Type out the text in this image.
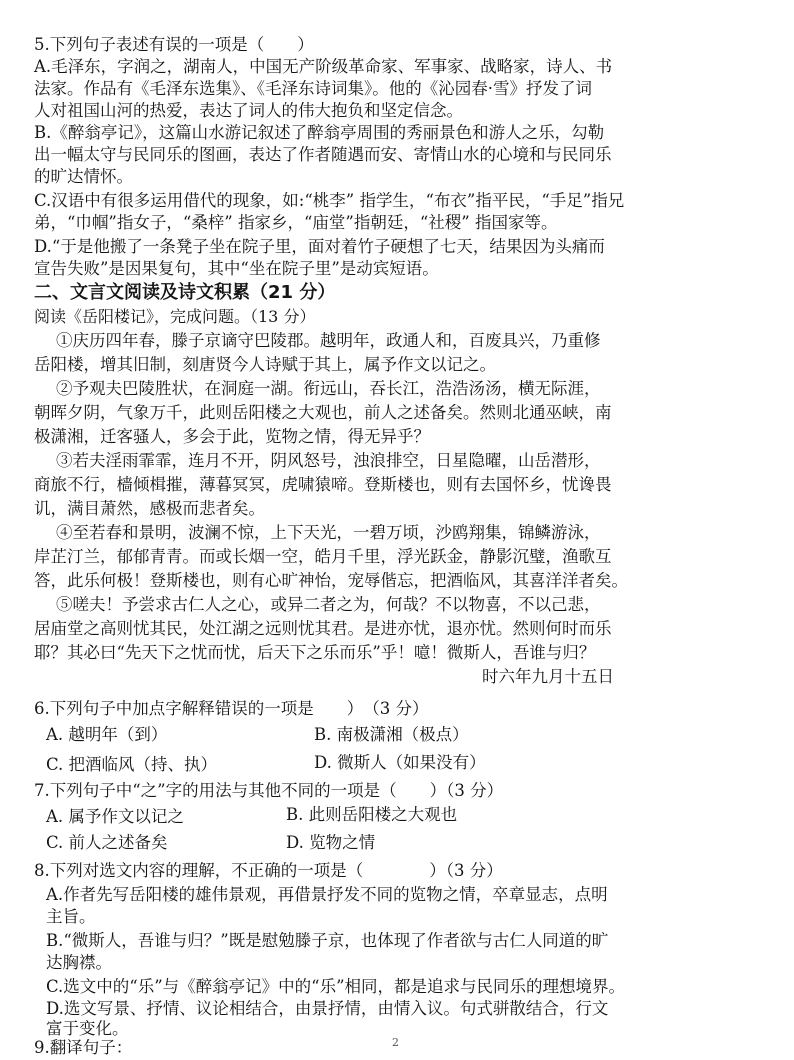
5.下列句子表述有误的一项是（　　）
A.毛泽东，字润之，湖南人，中国无产阶级革命家、军事家、战略家，诗人、书
法家。作品有《毛泽东选集》、《毛泽东诗词集》。他的《沁园春·雪》抒发了词
人对祖国山河的热爱，表达了词人的伟大抱负和坚定信念。
B.《醉翁亭记》，这篇山水游记叙述了醉翁亭周围的秀丽景色和游人之乐，勾勒
出一幅太守与民同乐的图画，表达了作者随遇而安、寄情山水的心境和与民同乐
的旷达情怀。
C.汉语中有很多运用借代的现象，如:“桃李” 指学生，“布衣”指平民，“手足”指兄
弟，“巾帼”指女子，“桑梓” 指家乡，“庙堂”指朝廷，“社稷” 指国家等。
D.“于是他搬了一条凳子坐在院子里，面对着竹子硬想了七天，结果因为头痛而
宣告失败”是因果复句，其中“坐在院子里”是动宾短语。
二、文言文阅读及诗文积累（21 分）
阅读《岳阳楼记》，完成问题。（13 分）
①庆历四年春，滕子京谪守巴陵郡。越明年，政通人和，百废具兴，乃重修
岳阳楼，增其旧制，刻唐贤今人诗赋于其上，属予作文以记之。
②予观夫巴陵胜状，在洞庭一湖。衔远山，吞长江，浩浩汤汤，横无际涯，
朝晖夕阴，气象万千，此则岳阳楼之大观也，前人之述备矣。然则北通巫峡，南
极潇湘，迁客骚人，多会于此，览物之情，得无异乎？
③若夫淫雨霏霏，连月不开，阴风怒号，浊浪排空，日星隐曜，山岳潜形，
商旅不行，樯倾楫摧，薄暮冥冥，虎啸猿啼。登斯楼也，则有去国怀乡，忧谗畏
讥，满目萧然，感极而悲者矣。
④至若春和景明，波澜不惊，上下天光，一碧万顷，沙鸥翔集，锦鳞游泳，
岸芷汀兰，郁郁青青。而或长烟一空，皓月千里，浮光跃金，静影沉璧，渔歌互
答，此乐何极！登斯楼也，则有心旷神怡，宠辱偕忘，把酒临风，其喜洋洋者矣。
⑤嗟夫！予尝求古仁人之心，或异二者之为，何哉？不以物喜，不以己悲，
居庙堂之高则忧其民，处江湖之远则忧其君。是进亦忧，退亦忧。然则何时而乐
耶？其必曰“先天下之忧而忧，后天下之乐而乐”乎！噫！微斯人，吾谁与归？
时六年九月十五日
6.下列句子中加点字解释错误的一项是　　）　（3 分）
A. 越明年（到）	B. 南极潇湘（极点）
C. 把酒临风（持、执）	D. 微斯人（如果没有）
7.下列句子中“之”字的用法与其他不同的一项是（　　）（3 分）
A. 属予作文以记之	B. 此则岳阳楼之大观也
C. 前人之述备矣	D. 览物之情
8.下列对选文内容的理解，不正确的一项是（　　　　）（3 分）
A.作者先写岳阳楼的雄伟景观，再借景抒发不同的览物之情，卒章显志，点明
主旨。
B.“微斯人，吾谁与归？”既是慰勉滕子京，也体现了作者欲与古仁人同道的旷
达胸襟。
C.选文中的“乐”与《醉翁亭记》中的“乐”相同，都是追求与民同乐的理想境界。
D.选文写景、抒情、议论相结合，由景抒情，由情入议。句式骈散结合，行文
富于变化。
9.翻译句子：	2
